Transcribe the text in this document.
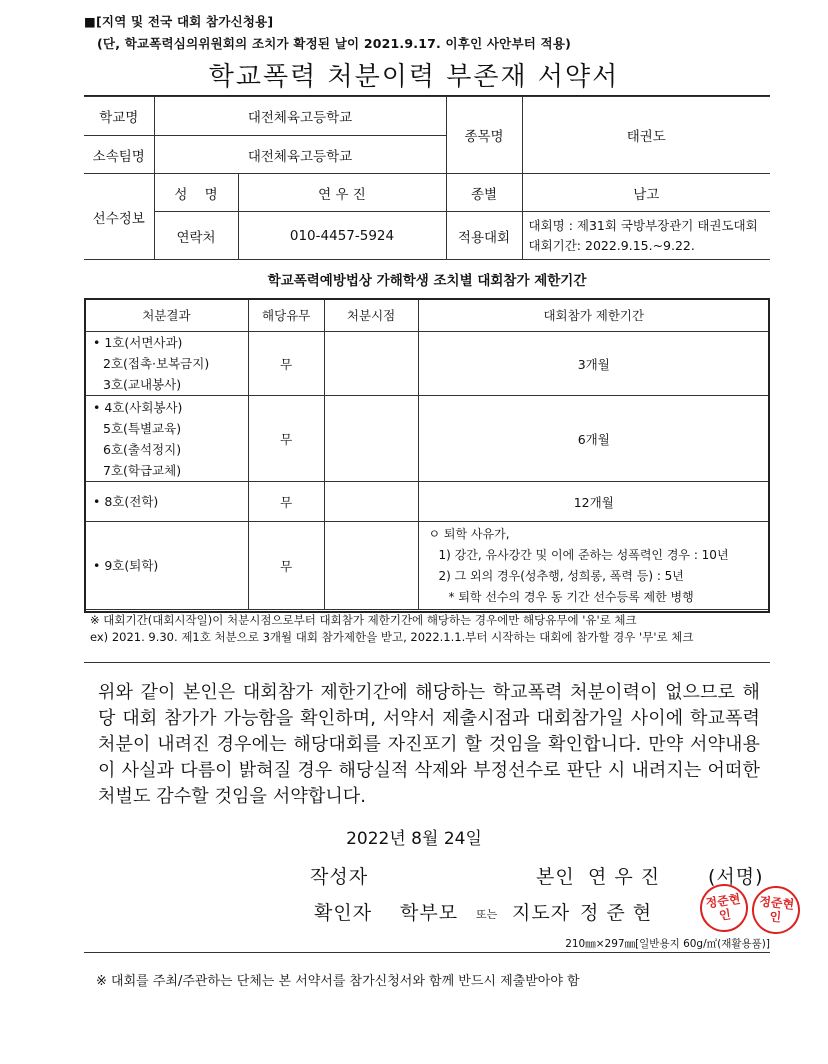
■[지역 및 전국 대회 참가신청용]
(단, 학교폭력심의위원회의 조치가 확정된 날이 2021.9.17. 이후인 사안부터 적용)
학교폭력 처분이력 부존재 서약서
학교명	대전체육고등학교		종목명	태권도
소속팀명	대전체육고등학교			
선수정보	성    명	연 우 진	종별	남고
	연락처	010-4457-5924	적용대회	대회명 : 제31회 국방부장관기 태권도대회
대회기간: 2022.9.15.~9.22.
학교폭력예방법상 가해학생 조치별 대회참가 제한기간
처분결과	해당유무	처분시점	대회참가 제한기간

• 1호(서면사과)
2호(접촉·보복금지)
3호(교내봉사)	무		3개월

• 4호(사회봉사)
5호(특별교육)
6호(출석정지)
7호(학급교체)	무		6개월
• 8호(전학)	무		12개월
• 9호(퇴학)	무		ㅇ 퇴학 사유가,
1) 강간, 유사강간 및 이에 준하는 성폭력인 경우 : 10년
2) 그 외의 경우(성추행, 성희롱, 폭력 등) : 5년
* 퇴학 선수의 경우 동 기간 선수등록 제한 병행
※ 대회기간(대회시작일)이 처분시점으로부터 대회참가 제한기간에 해당하는 경우에만 해당유무에 '유'로 체크
ex) 2021. 9.30. 제1호 처분으로 3개월 대회 참가제한을 받고, 2022.1.1.부터 시작하는 대회에 참가할 경우 '무'로 체크
위와 같이 본인은 대회참가 제한기간에 해당하는 학교폭력 처분이력이 없으므로 해당 대회 참가가 가능함을 확인하며, 서약서 제출시점과 대회참가일 사이에 학교폭력 처분이 내려진 경우에는 해당대회를 자진포기 할 것임을 확인합니다. 만약 서약내용이 사실과 다름이 밝혀질 경우 해당실적 삭제와 부정선수로 판단 시 내려지는 어떠한 처벌도 감수할 것임을 서약합니다.
2022년 8월 24일
작성자	본인 연 우 진	(서명)
확인자 학부모 또는 지도자 정 준 현
정준현인
정준현인
210㎜×297㎜[일반용지 60g/㎡(재활용품)]
※ 대회를 주최/주관하는 단체는 본 서약서를 참가신청서와 함께 반드시 제출받아야 함
